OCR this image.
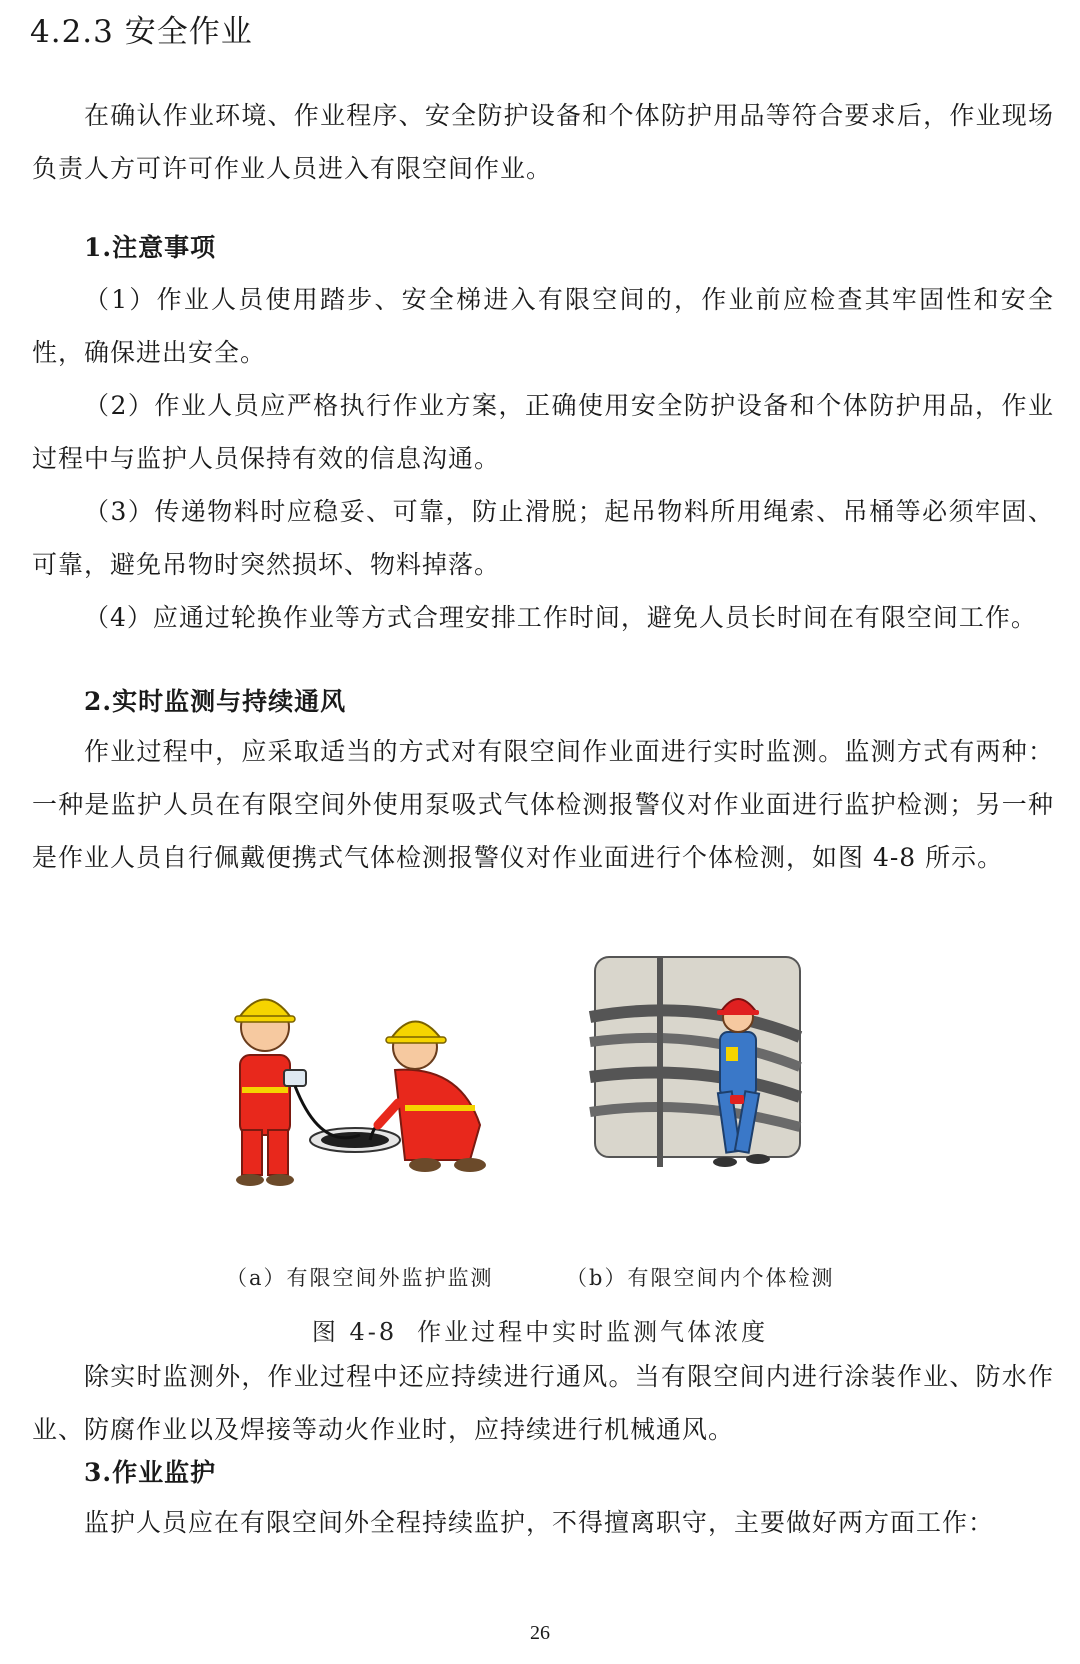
4.2.3 安全作业
在确认作业环境、作业程序、安全防护设备和个体防护用品等符合要求后，作业现场负责人方可许可作业人员进入有限空间作业。
1.注意事项
（1）作业人员使用踏步、安全梯进入有限空间的，作业前应检查其牢固性和安全性，确保进出安全。
（2）作业人员应严格执行作业方案，正确使用安全防护设备和个体防护用品，作业过程中与监护人员保持有效的信息沟通。
（3）传递物料时应稳妥、可靠，防止滑脱；起吊物料所用绳索、吊桶等必须牢固、可靠，避免吊物时突然损坏、物料掉落。
（4）应通过轮换作业等方式合理安排工作时间，避免人员长时间在有限空间工作。
2.实时监测与持续通风
作业过程中，应采取适当的方式对有限空间作业面进行实时监测。监测方式有两种：一种是监护人员在有限空间外使用泵吸式气体检测报警仪对作业面进行监护检测；另一种是作业人员自行佩戴便携式气体检测报警仪对作业面进行个体检测，如图 4-8 所示。
（a）有限空间外监护监测	（b）有限空间内个体检测
图 4-8 作业过程中实时监测气体浓度
除实时监测外，作业过程中还应持续进行通风。当有限空间内进行涂装作业、防水作业、防腐作业以及焊接等动火作业时，应持续进行机械通风。
3.作业监护
监护人员应在有限空间外全程持续监护，不得擅离职守，主要做好两方面工作：
26
